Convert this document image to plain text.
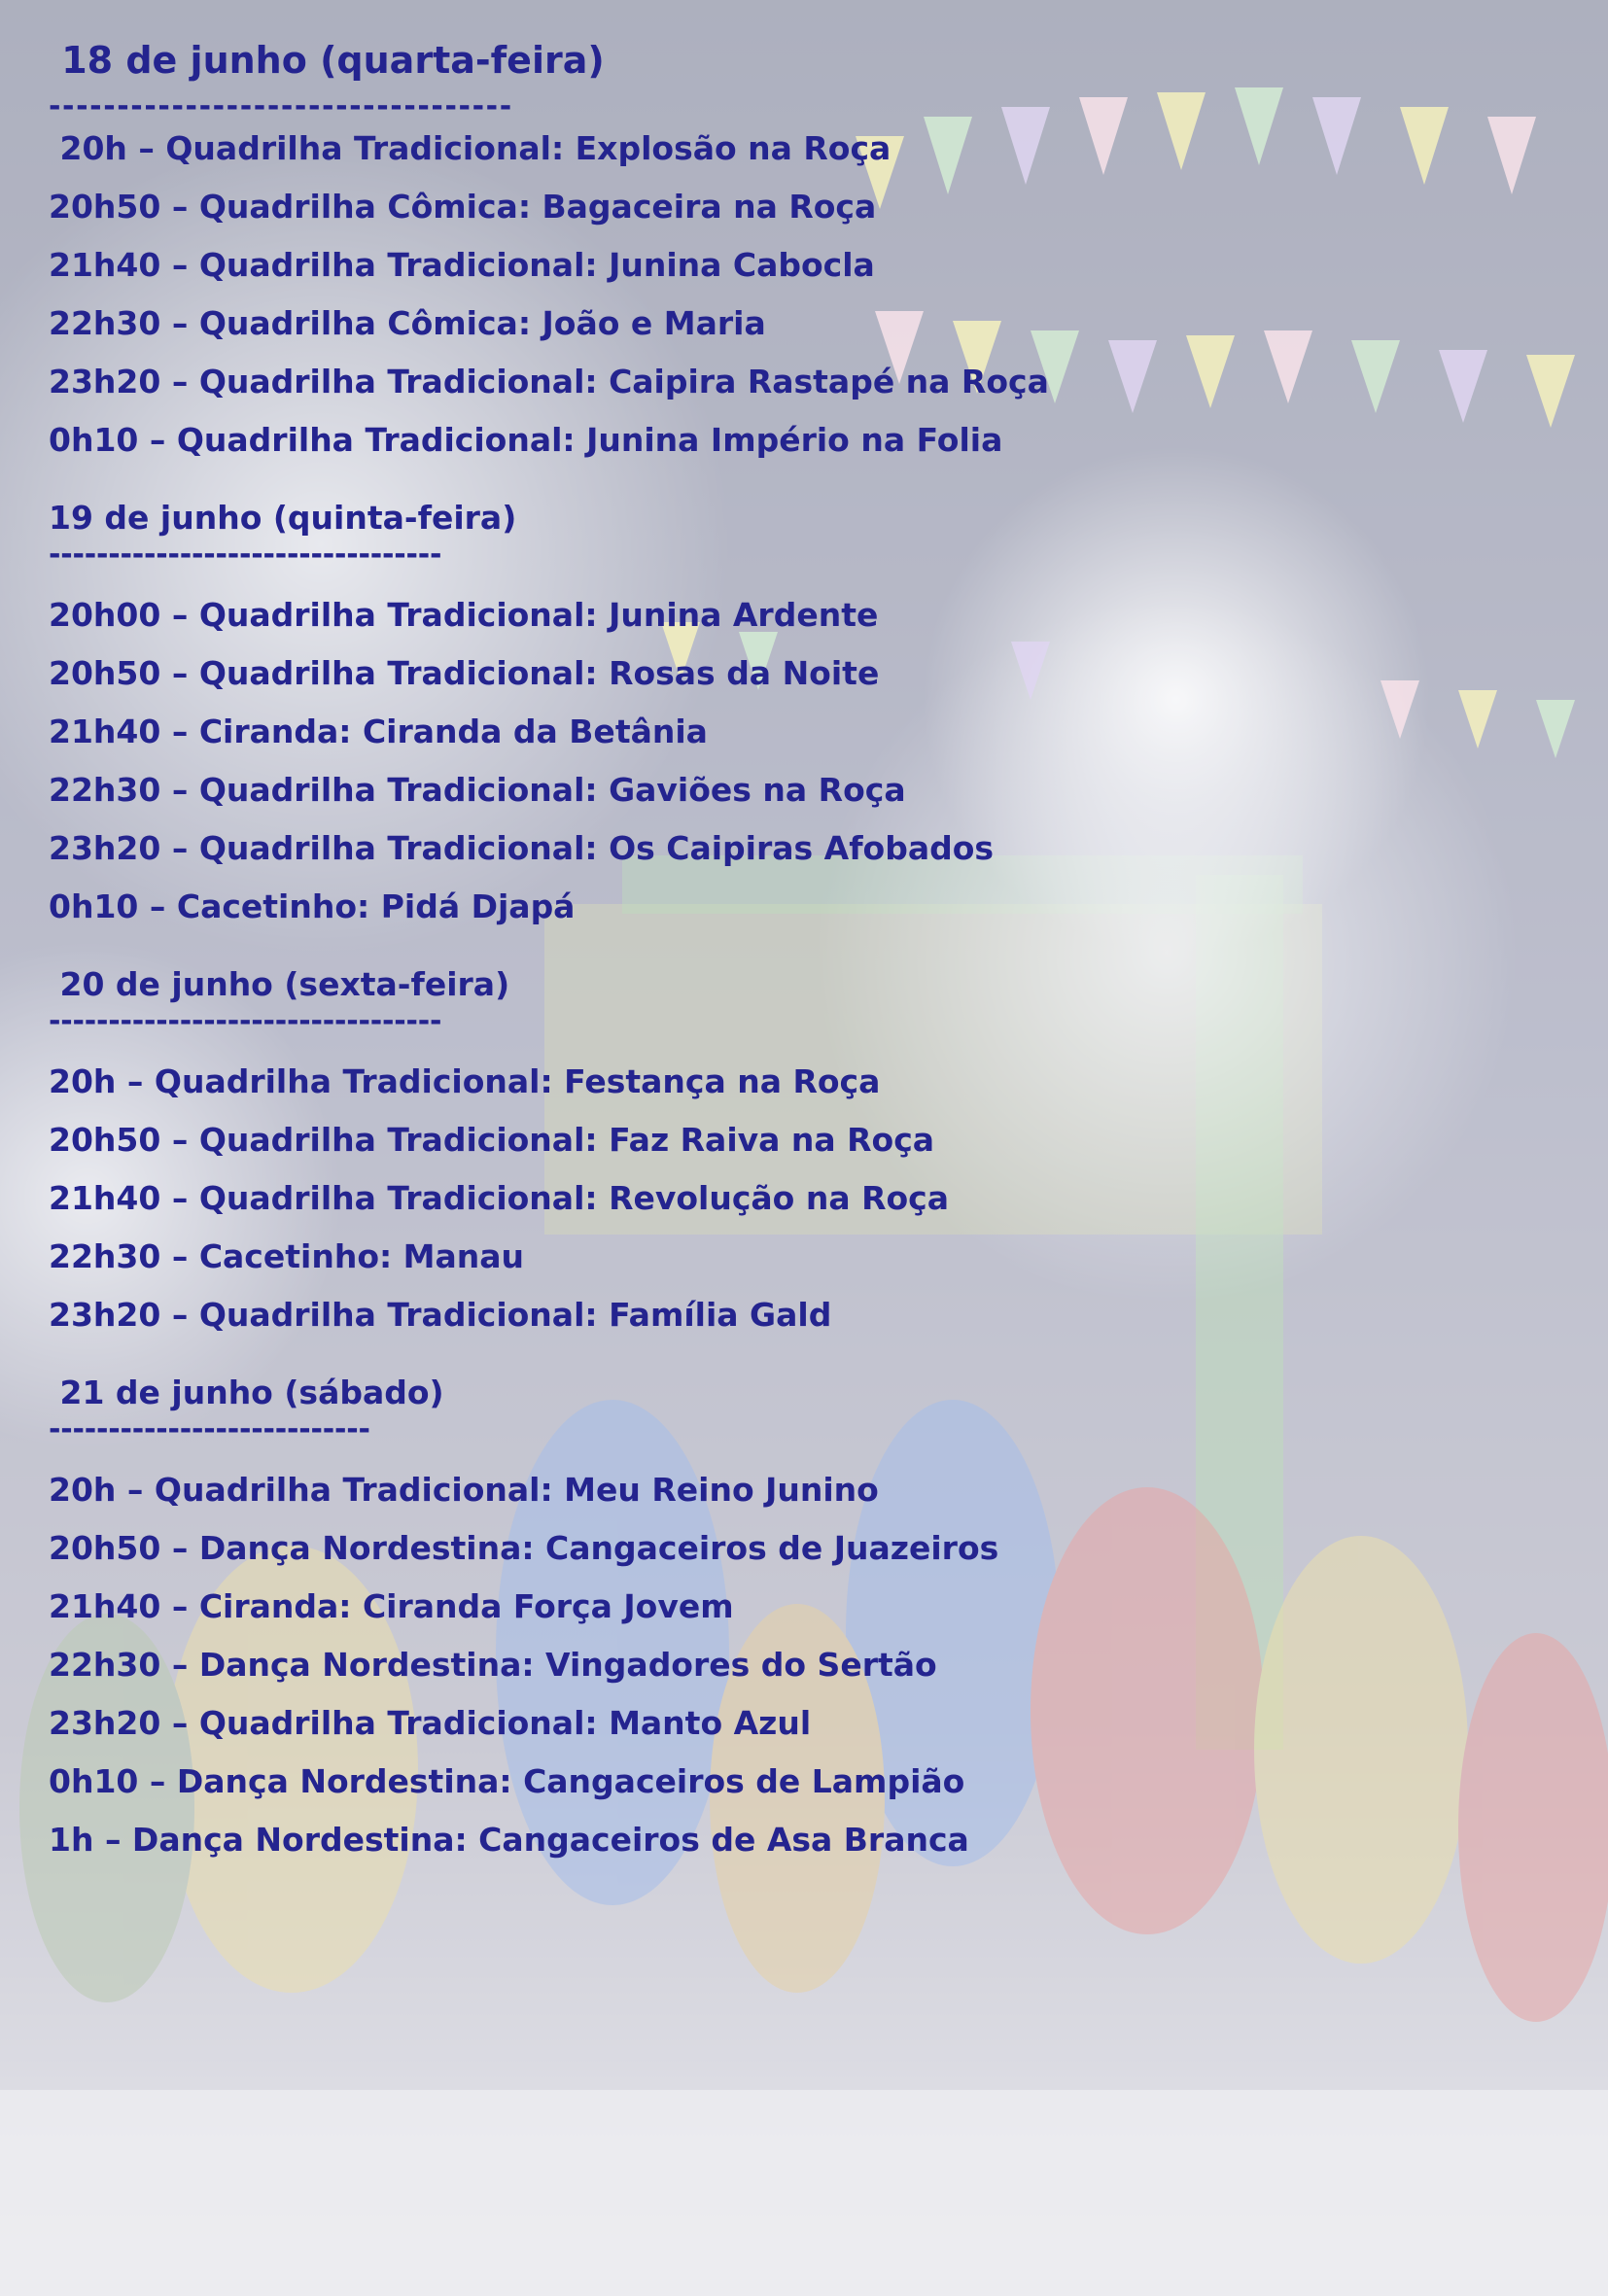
18 de junho (quarta-feira)
----------------------------------
20h – Quadrilha Tradicional: Explosão na Roça
20h50 – Quadrilha Cômica: Bagaceira na Roça
21h40 – Quadrilha Tradicional: Junina Cabocla
22h30 – Quadrilha Cômica: João e Maria
23h20 – Quadrilha Tradicional: Caipira Rastapé na Roça
0h10 – Quadrilha Tradicional: Junina Império na Folia
19 de junho (quinta-feira)
---------------------------------
20h00 – Quadrilha Tradicional: Junina Ardente
20h50 – Quadrilha Tradicional: Rosas da Noite
21h40 – Ciranda: Ciranda da Betânia
22h30 – Quadrilha Tradicional: Gaviões na Roça
23h20 – Quadrilha Tradicional: Os Caipiras Afobados
0h10 – Cacetinho: Pidá Djapá
20 de junho (sexta-feira)
---------------------------------
20h – Quadrilha Tradicional: Festança na Roça
20h50 – Quadrilha Tradicional: Faz Raiva na Roça
21h40 – Quadrilha Tradicional: Revolução na Roça
22h30 – Cacetinho: Manau
23h20 – Quadrilha Tradicional: Família Gald
21 de junho (sábado)
---------------------------
20h – Quadrilha Tradicional: Meu Reino Junino
20h50 – Dança Nordestina: Cangaceiros de Juazeiros
21h40 – Ciranda: Ciranda Força Jovem
22h30 – Dança Nordestina: Vingadores do Sertão
23h20 – Quadrilha Tradicional: Manto Azul
0h10 – Dança Nordestina: Cangaceiros de Lampião
1h – Dança Nordestina: Cangaceiros de Asa Branca
